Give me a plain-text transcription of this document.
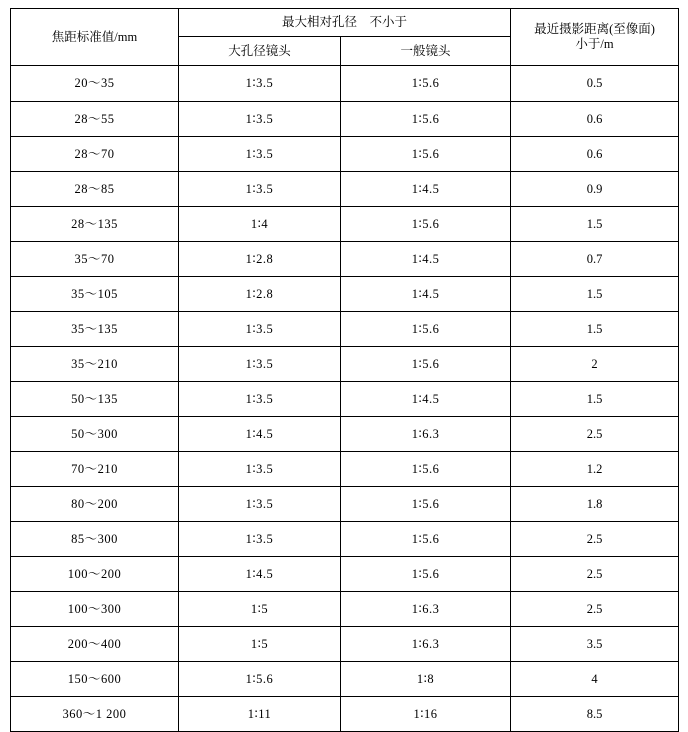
焦距标准值/mm	最大相对孔径　不小于		最近摄影距离(至像面)
小于/m

	大孔径镜头	一般镜头	
20～35	1∶3.5	1∶5.6	0.5
28～55	1∶3.5	1∶5.6	0.6
28～70	1∶3.5	1∶5.6	0.6
28～85	1∶3.5	1∶4.5	0.9
28～135	1∶4	1∶5.6	1.5
35～70	1∶2.8	1∶4.5	0.7
35～105	1∶2.8	1∶4.5	1.5
35～135	1∶3.5	1∶5.6	1.5
35～210	1∶3.5	1∶5.6	2
50～135	1∶3.5	1∶4.5	1.5
50～300	1∶4.5	1∶6.3	2.5
70～210	1∶3.5	1∶5.6	1.2
80～200	1∶3.5	1∶5.6	1.8
85～300	1∶3.5	1∶5.6	2.5
100～200	1∶4.5	1∶5.6	2.5
100～300	1∶5	1∶6.3	2.5
200～400	1∶5	1∶6.3	3.5
150～600	1∶5.6	1∶8	4
360～1 200	1∶11	1∶16	8.5
